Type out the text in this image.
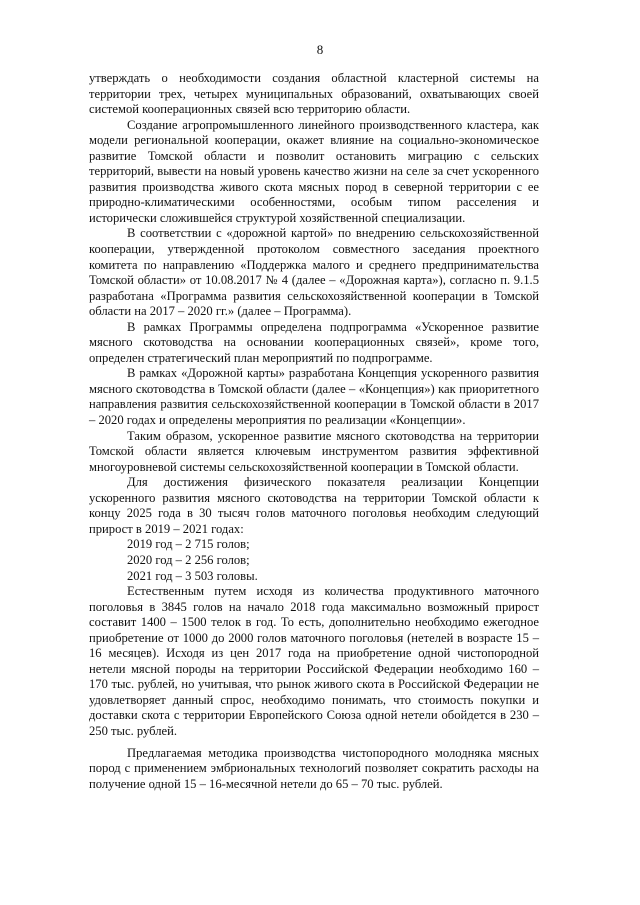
8

утверждать о необходимости создания областной кластерной системы на территории трех, четырех муниципальных образований, охватывающих своей системой кооперационных связей всю территорию области.

Создание агропромышленного линейного производственного кластера, как модели региональной кооперации, окажет влияние на социально-экономическое развитие Томской области и позволит остановить миграцию с сельских территорий, вывести на новый уровень качество жизни на селе за счет ускоренного развития производства живого скота мясных пород в северной территории с ее природно-климатическими особенностями, особым типом расселения и исторически сложившейся структурой хозяйственной специализации.

В соответствии с «дорожной картой» по внедрению сельскохозяйственной кооперации, утвержденной протоколом совместного заседания проектного комитета по направлению «Поддержка малого и среднего предпринимательства Томской области» от 10.08.2017 № 4 (далее – «Дорожная карта»), согласно п. 9.1.5 разработана «Программа развития сельскохозяйственной кооперации в Томской области на 2017 – 2020 гг.» (далее – Программа).

В рамках Программы определена подпрограмма «Ускоренное развитие мясного скотоводства на основании кооперационных связей», кроме того, определен стратегический план мероприятий по подпрограмме.

В рамках «Дорожной карты» разработана Концепция ускоренного развития мясного скотоводства в Томской области (далее – «Концепция») как приоритетного направления развития сельскохозяйственной кооперации в Томской области в 2017 – 2020 годах и определены мероприятия по реализации «Концепции».

Таким образом, ускоренное развитие мясного скотоводства на территории Томской области является ключевым инструментом развития эффективной многоуровневой системы сельскохозяйственной кооперации в Томской области.

Для достижения физического показателя реализации Концепции ускоренного развития мясного скотоводства на территории Томской области к концу 2025 года в 30 тысяч голов маточного поголовья необходим следующий прирост в 2019 – 2021 годах:

2019 год – 2 715 голов;

2020 год – 2 256 голов;

2021 год – 3 503 головы.

Естественным путем исходя из количества продуктивного маточного поголовья в 3845 голов на начало 2018 года максимально возможный прирост составит 1400 – 1500 телок в год. То есть, дополнительно необходимо ежегодное приобретение от 1000 до 2000 голов маточного поголовья (нетелей в возрасте 15 – 16 месяцев). Исходя из цен 2017 года на приобретение одной чистопородной нетели мясной породы на территории Российской Федерации необходимо 160 – 170 тыс. рублей, но учитывая, что рынок живого скота в Российской Федерации не удовлетворяет данный спрос, необходимо понимать, что стоимость покупки и доставки скота с территории Европейского Союза одной нетели обойдется в 230 – 250 тыс. рублей.

Предлагаемая методика производства чистопородного молодняка мясных пород с применением эмбриональных технологий позволяет сократить расходы на получение одной 15 – 16-месячной нетели до 65 – 70 тыс. рублей.
